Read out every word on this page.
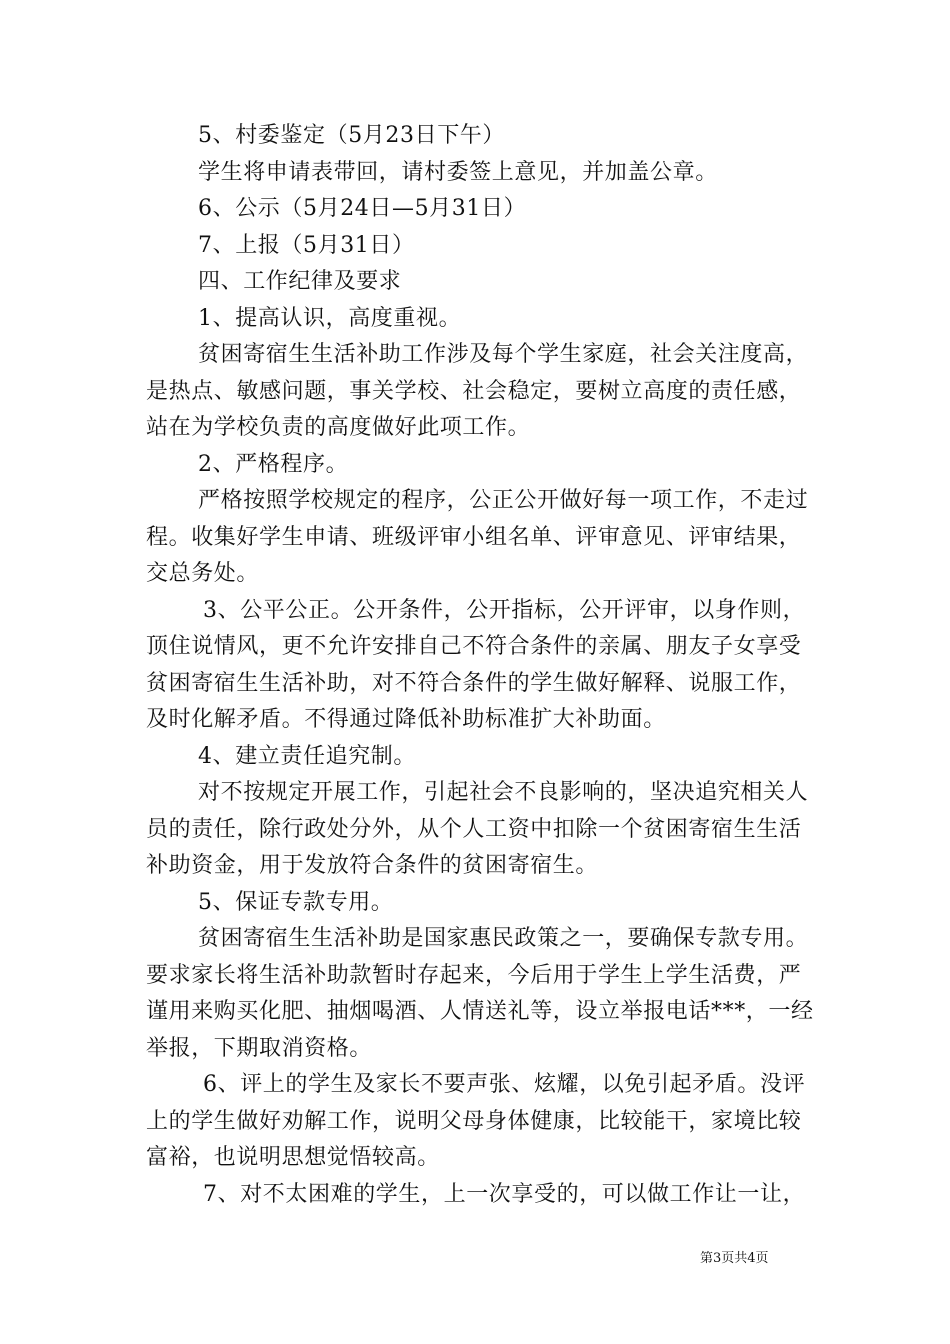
5、村委鉴定（5月23日下午）
学生将申请表带回，请村委签上意见，并加盖公章。
6、公示（5月24日—5月31日）
7、上报（5月31日）
四、工作纪律及要求
1、提高认识，高度重视。
贫困寄宿生生活补助工作涉及每个学生家庭，社会关注度高，
是热点、敏感问题，事关学校、社会稳定，要树立高度的责任感，
站在为学校负责的高度做好此项工作。
2、严格程序。
严格按照学校规定的程序，公正公开做好每一项工作，不走过
程。收集好学生申请、班级评审小组名单、评审意见、评审结果，
交总务处。
3、公平公正。公开条件，公开指标，公开评审，以身作则，
顶住说情风，更不允许安排自己不符合条件的亲属、朋友子女享受
贫困寄宿生生活补助，对不符合条件的学生做好解释、说服工作，
及时化解矛盾。不得通过降低补助标准扩大补助面。
4、建立责任追究制。
对不按规定开展工作，引起社会不良影响的，坚决追究相关人
员的责任，除行政处分外，从个人工资中扣除一个贫困寄宿生生活
补助资金，用于发放符合条件的贫困寄宿生。
5、保证专款专用。
贫困寄宿生生活补助是国家惠民政策之一，要确保专款专用。
要求家长将生活补助款暂时存起来，今后用于学生上学生活费，严
谨用来购买化肥、抽烟喝酒、人情送礼等，设立举报电话***，一经
举报，下期取消资格。
6、评上的学生及家长不要声张、炫耀，以免引起矛盾。没评
上的学生做好劝解工作，说明父母身体健康，比较能干，家境比较
富裕，也说明思想觉悟较高。
7、对不太困难的学生，上一次享受的，可以做工作让一让，
第3页共4页
